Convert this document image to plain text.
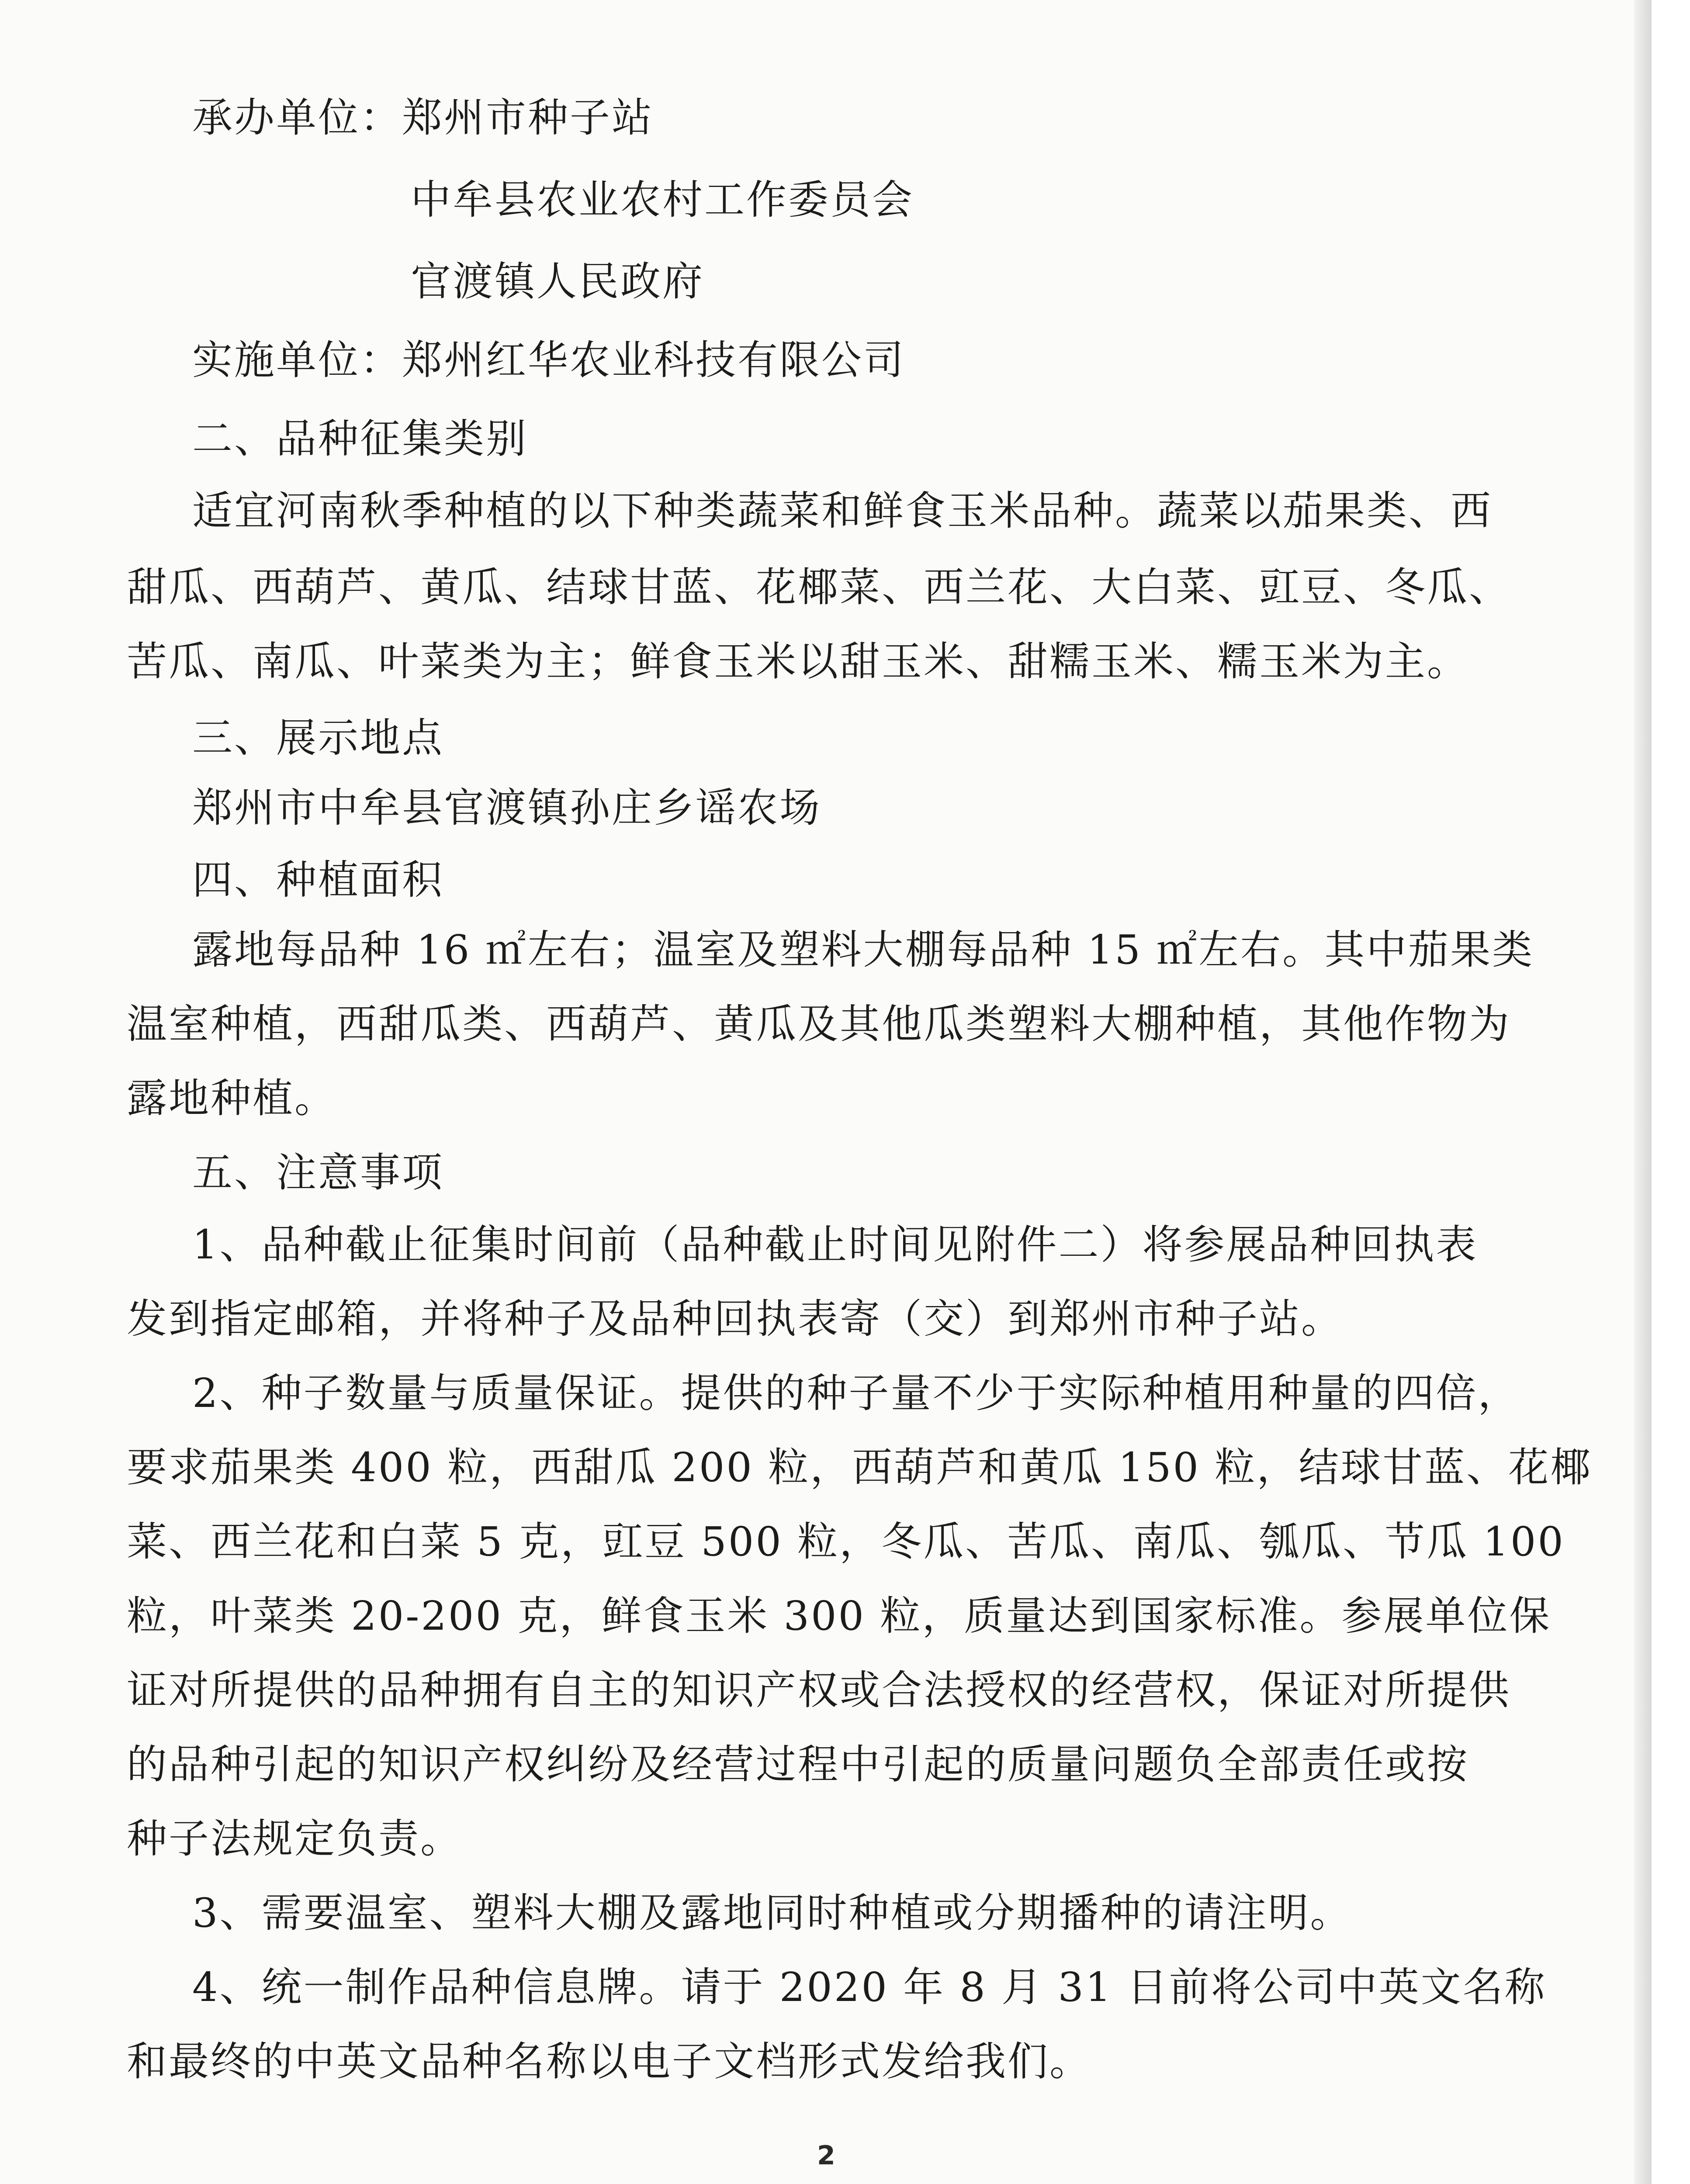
承办单位：郑州市种子站
中牟县农业农村工作委员会
官渡镇人民政府
实施单位：郑州红华农业科技有限公司
二、品种征集类别
适宜河南秋季种植的以下种类蔬菜和鲜食玉米品种。蔬菜以茄果类、西
甜瓜、西葫芦、黄瓜、结球甘蓝、花椰菜、西兰花、大白菜、豇豆、冬瓜、
苦瓜、南瓜、叶菜类为主；鲜食玉米以甜玉米、甜糯玉米、糯玉米为主。
三、展示地点
郑州市中牟县官渡镇孙庄乡谣农场
四、种植面积
露地每品种 16 ㎡左右；温室及塑料大棚每品种 15 ㎡左右。其中茄果类
温室种植，西甜瓜类、西葫芦、黄瓜及其他瓜类塑料大棚种植，其他作物为
露地种植。
五、注意事项
1、品种截止征集时间前（品种截止时间见附件二）将参展品种回执表
发到指定邮箱，并将种子及品种回执表寄（交）到郑州市种子站。
2、种子数量与质量保证。提供的种子量不少于实际种植用种量的四倍，
要求茄果类 400 粒，西甜瓜 200 粒，西葫芦和黄瓜 150 粒，结球甘蓝、花椰
菜、西兰花和白菜 5 克，豇豆 500 粒，冬瓜、苦瓜、南瓜、瓠瓜、节瓜 100
粒，叶菜类 20-200 克，鲜食玉米 300 粒，质量达到国家标准。参展单位保
证对所提供的品种拥有自主的知识产权或合法授权的经营权，保证对所提供
的品种引起的知识产权纠纷及经营过程中引起的质量问题负全部责任或按
种子法规定负责。
3、需要温室、塑料大棚及露地同时种植或分期播种的请注明。
4、统一制作品种信息牌。请于 2020 年 8 月 31 日前将公司中英文名称
和最终的中英文品种名称以电子文档形式发给我们。
2
